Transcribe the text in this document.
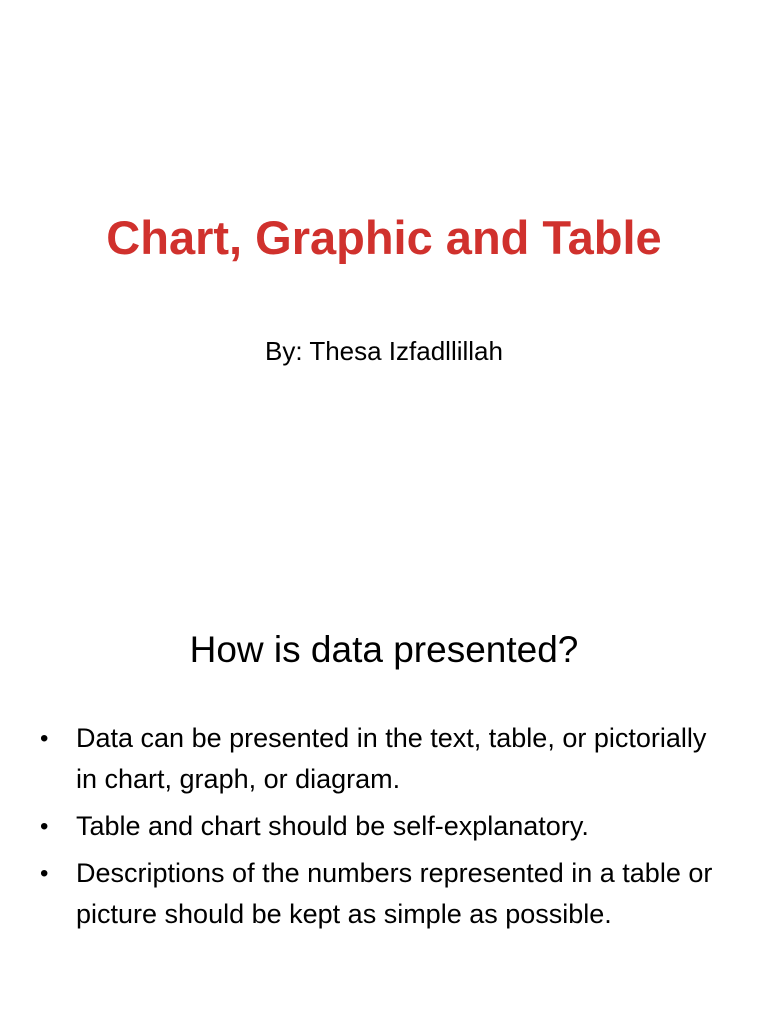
Chart, Graphic and Table
By: Thesa Izfadllillah
How is data presented?
•	Data can be presented in the text, table, or pictorially in chart, graph, or diagram.
•	Table and chart should be self-explanatory.
•	Descriptions of the numbers represented in a table or picture should be kept as simple as possible.
